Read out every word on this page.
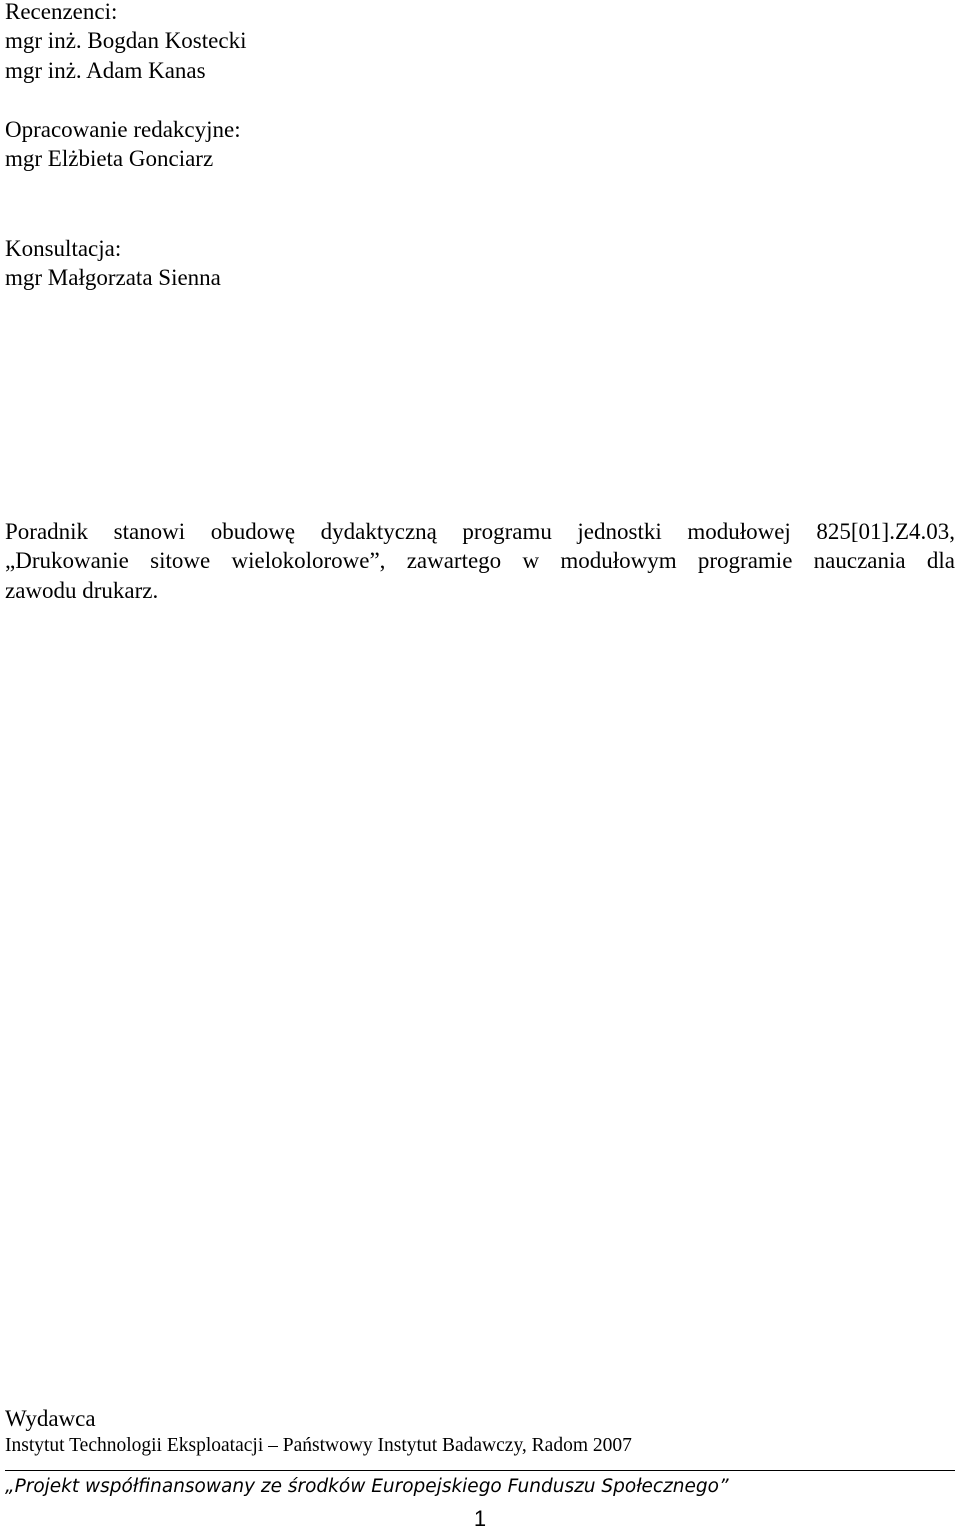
Recenzenci:
mgr inż. Bogdan Kostecki
mgr inż. Adam Kanas
Opracowanie redakcyjne:
mgr Elżbieta Gonciarz
Konsultacja:
mgr Małgorzata Sienna
Poradnik stanowi obudowę dydaktyczną programu jednostki modułowej 825[01].Z4.03,
„Drukowanie sitowe wielokolorowe”, zawartego w modułowym programie nauczania dla
zawodu drukarz.
Wydawca
Instytut Technologii Eksploatacji – Państwowy Instytut Badawczy, Radom 2007
„Projekt współfinansowany ze środków Europejskiego Funduszu Społecznego”
1
